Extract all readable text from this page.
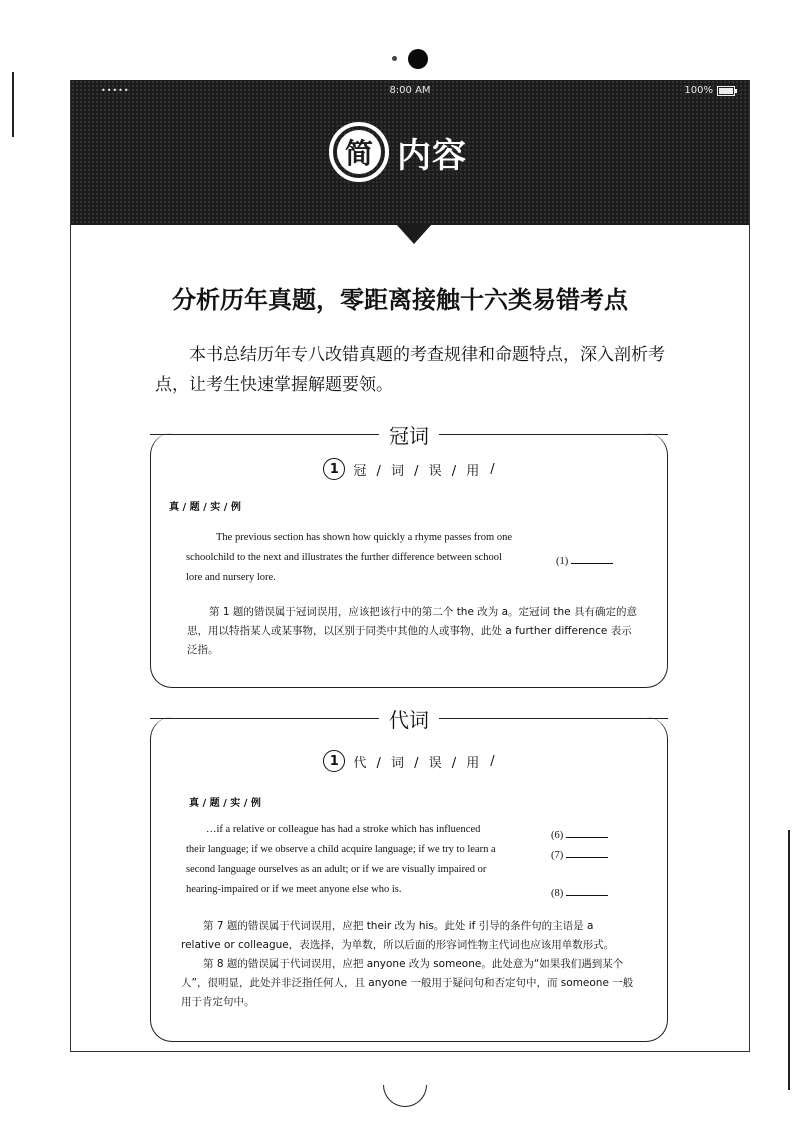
•••••	8:00 AM	100%
简 内容
分析历年真题，零距离接触十六类易错考点
本书总结历年专八改错真题的考查规律和命题特点，深入剖析考点，让考生快速掌握解题要领。
冠词
1	冠 / 词 / 误 / 用 /
真 / 题 / 实 / 例
The previous section has shown how quickly a rhyme passes from one
schoolchild to the next and illustrates the further difference between school
lore and nursery lore.
(1)

第 1 题的错误属于冠词误用，应该把该行中的第二个 the 改为 a。定冠词 the 具有确定的意思，用以特指某人或某事物，以区别于同类中其他的人或事物，此处 a further difference 表示泛指。

代词
1	代 / 词 / 误 / 用 /
真 / 题 / 实 / 例
…if a relative or colleague has had a stroke which has influenced
their language; if we observe a child acquire language; if we try to learn a
second language ourselves as an adult; or if we are visually impaired or
hearing-impaired or if we meet anyone else who is.
(6)
(7)
(8)

第 7 题的错误属于代词误用，应把 their 改为 his。此处 if 引导的条件句的主语是 a relative or colleague，表选择，为单数，所以后面的形容词性物主代词也应该用单数形式。

第 8 题的错误属于代词误用，应把 anyone 改为 someone。此处意为“如果我们遇到某个人”，很明显，此处并非泛指任何人，且 anyone 一般用于疑问句和否定句中，而 someone 一般用于肯定句中。
